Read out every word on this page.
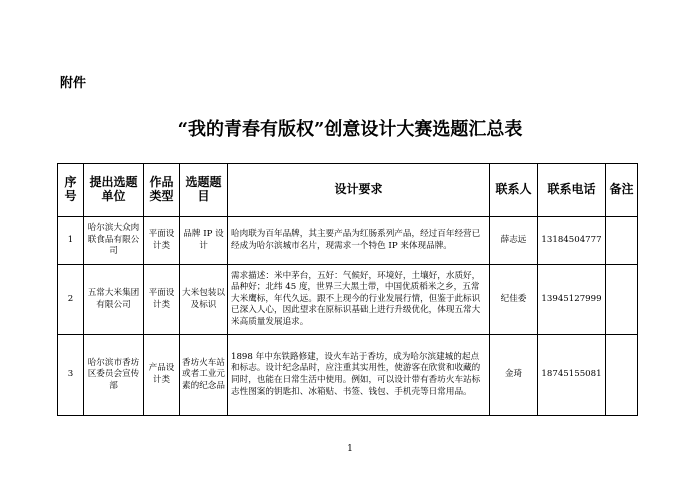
附件
“我的青春有版权”创意设计大赛选题汇总表
序号	提出选题单位	作品类型	选题题目	设计要求	联系人	联系电话	备注
1	哈尔滨大众肉联食品有限公司	平面设计类	品牌 IP 设计	哈肉联为百年品牌，其主要产品为红肠系列产品，经过百年经营已经成为哈尔滨城市名片，现需求一个特色 IP 来体现品牌。	薛志远	13184504777	
2	五常大米集团有限公司	平面设计类	大米包装以及标识	需求描述：米中茅台，五好：气候好，环境好，土壤好，水质好，品种好；北纬 45 度，世界三大黑土带，中国优质稻米之乡，五常大米鹰标，年代久远。跟不上现今的行业发展行情，但鉴于此标识已深入人心，因此望求在原标识基础上进行升级优化，体现五常大米高质量发展追求。	纪佳委	13945127999	
3	哈尔滨市香坊区委员会宣传部	产品设计类	香坊火车站或者工业元素的纪念品	1898 年中东铁路修建，设火车站于香坊，成为哈尔滨建城的起点和标志。设计纪念品时，应注重其实用性，使游客在欣赏和收藏的同时，也能在日常生活中使用。例如，可以设计带有香坊火车站标志性图案的钥匙扣、冰箱贴、书签、钱包、手机壳等日常用品。	金琦	18745155081	
1
